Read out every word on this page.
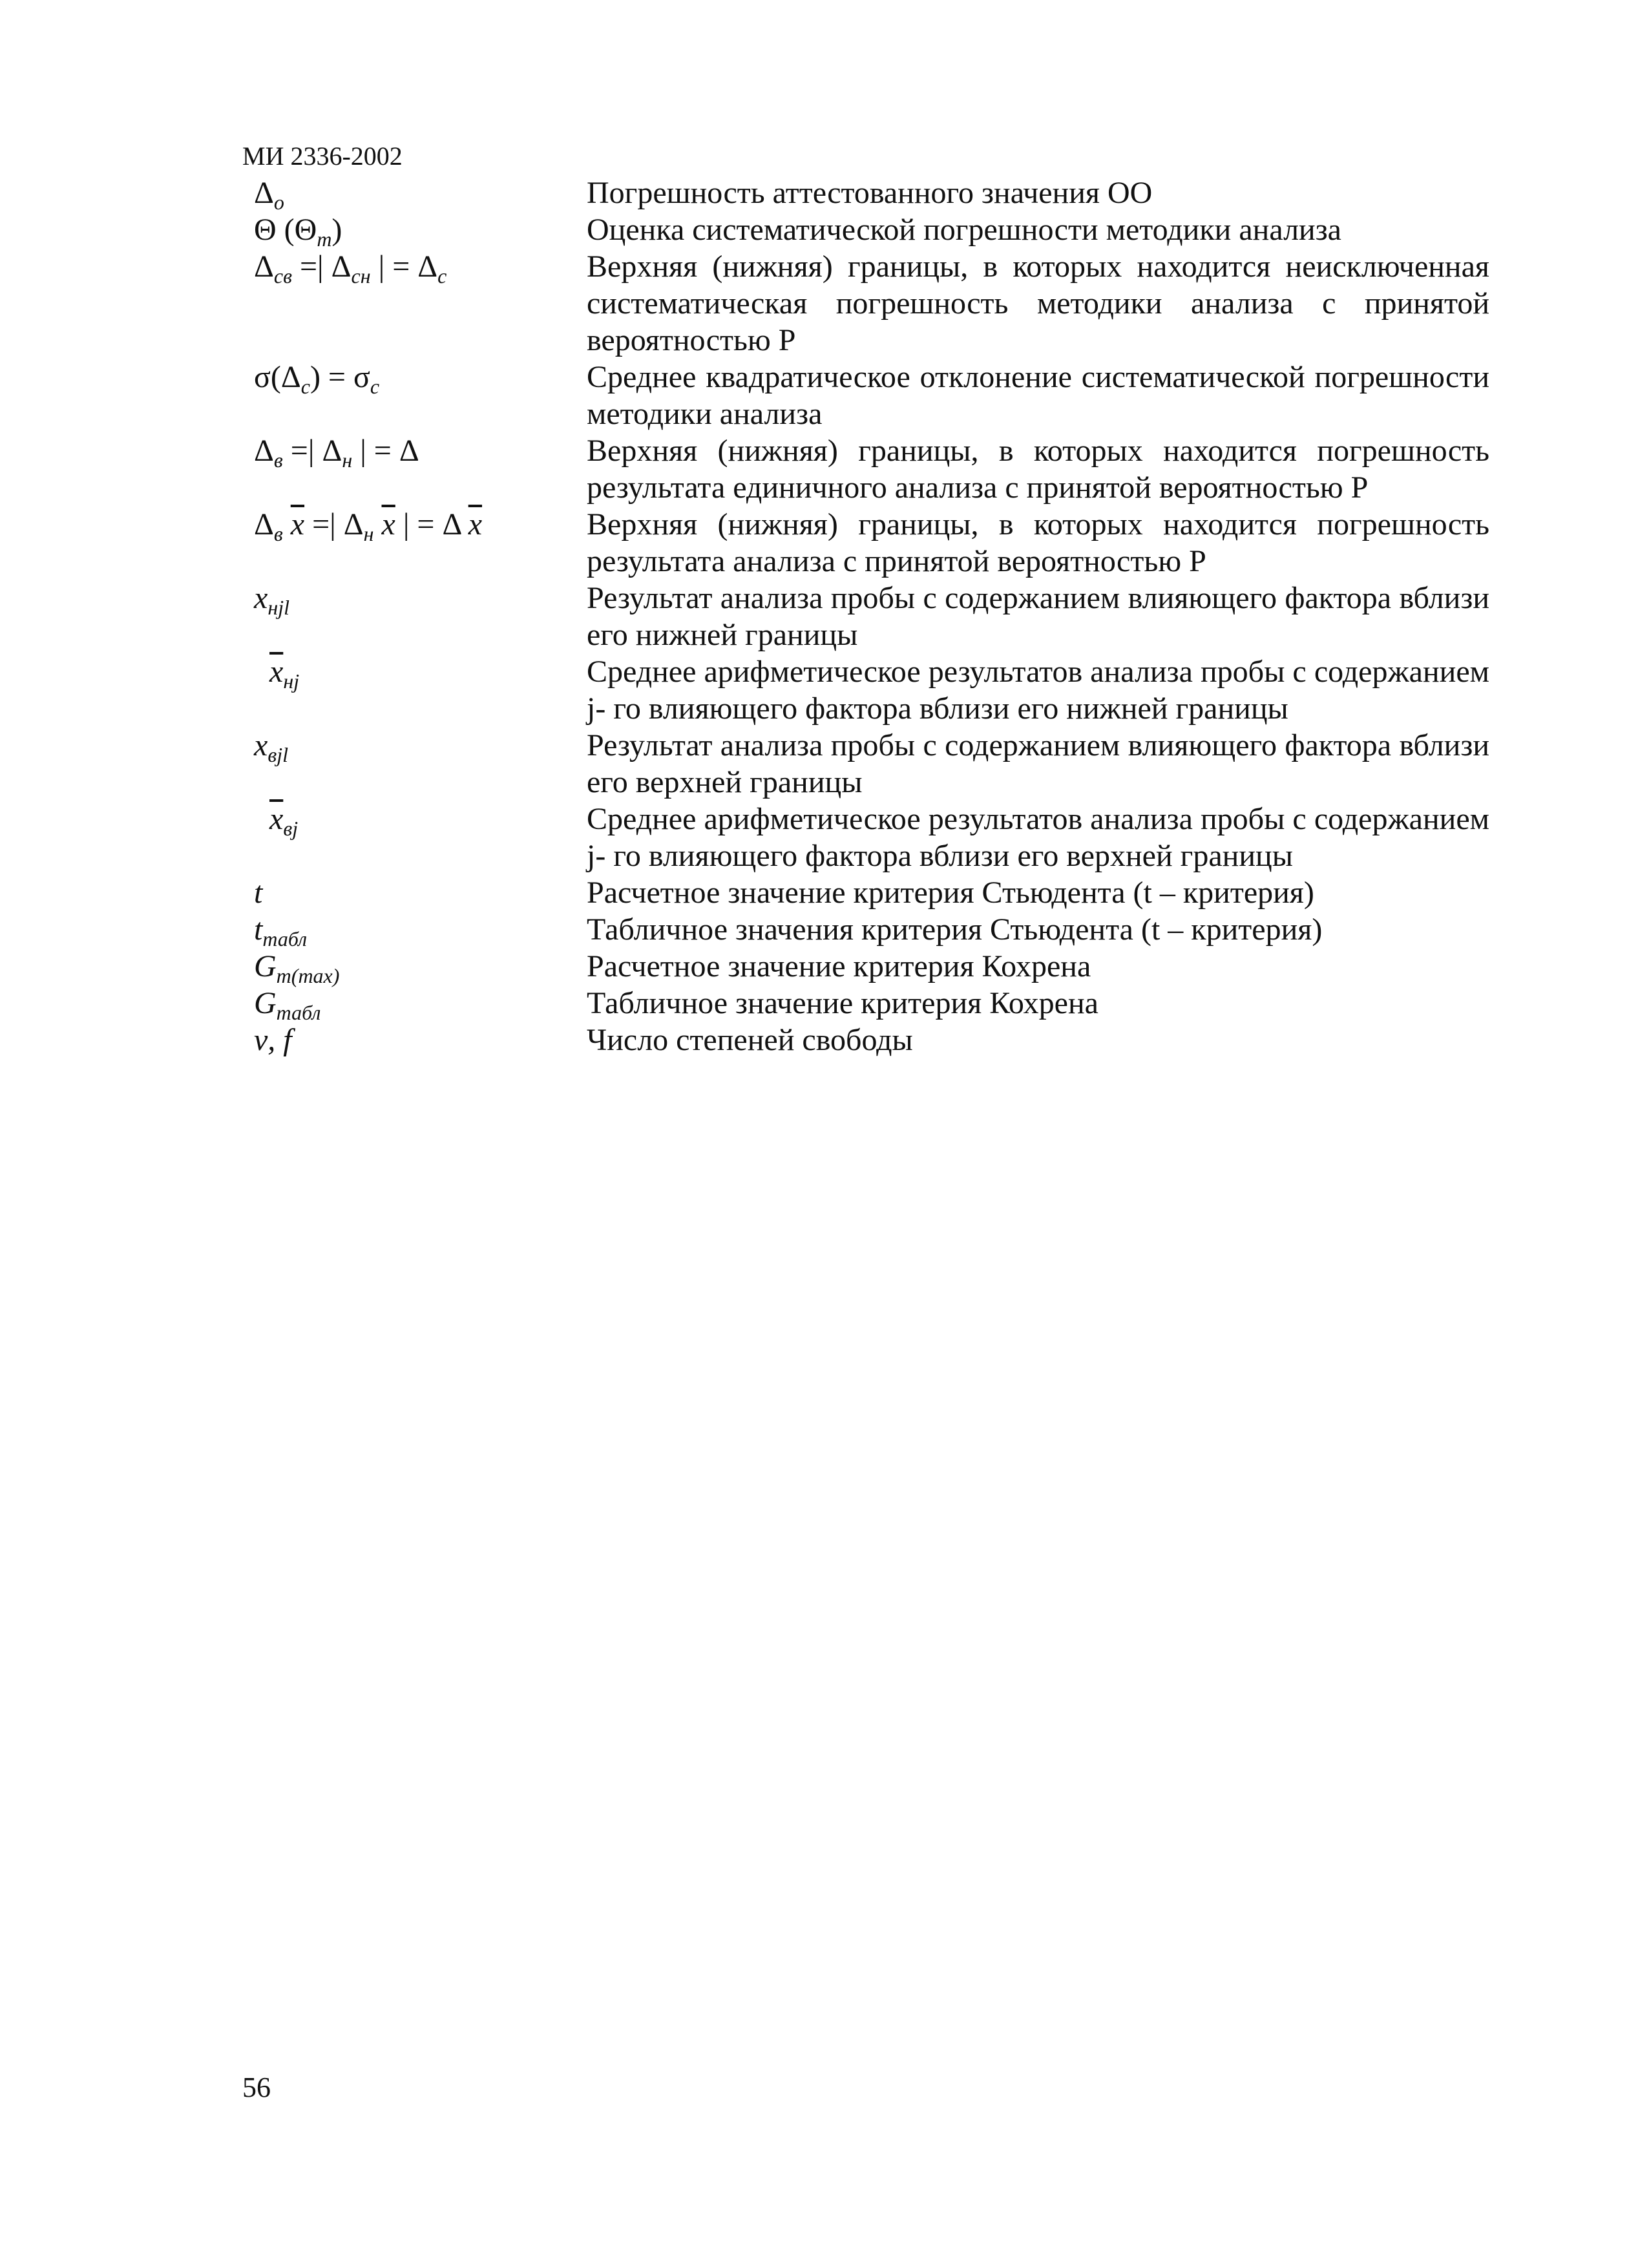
МИ 2336-2002
$\Delta_о$	Погрешность аттестованного значения ОО
Θ $(\Theta_m)$	Оценка систематической погрешности методики анализа
$\Delta_{св}$ =| $\Delta_{сн}$ | = $\Delta_с$	Верхняя (нижняя) границы, в которых находится неисключенная систематическая погрешность методики анализа с принятой вероятностью Р
$\sigma(\Delta_с) = \sigma_с$	Среднее квадратическое отклонение систематической погрешности методики анализа
$\Delta_в$ =| $\Delta_н$ | = Δ	Верхняя (нижняя) границы, в которых находится погрешность результата единичного анализа с принятой вероятностью Р
$\Delta_в$ $\overline{x}$ =| $\Delta_н$ $\overline{x}$ | = Δ $\overline{x}$	Верхняя (нижняя) границы, в которых находится погрешность результата анализа с принятой вероятностью Р
$x_{нjl}$	Результат анализа пробы с содержанием влияющего фактора вблизи его нижней границы
$\overline{x}_{нj}$	Среднее арифметическое результатов анализа пробы с содержанием j- го влияющего фактора вблизи его нижней границы
$x_{вjl}$	Результат анализа пробы с содержанием влияющего фактора вблизи его верхней границы
$\overline{x}_{вj}$	Среднее арифметическое результатов анализа пробы с содержанием j- го влияющего фактора вблизи его верхней границы
t	Расчетное значение критерия Стьюдента (t – критерия)
$t_{табл}$	Табличное значения критерия Стьюдента (t – критерия)
$G_{m(max)}$	Расчетное значение критерия Кохрена
$G_{табл}$	Табличное значение критерия Кохрена
ν, f	Число степеней свободы
56
